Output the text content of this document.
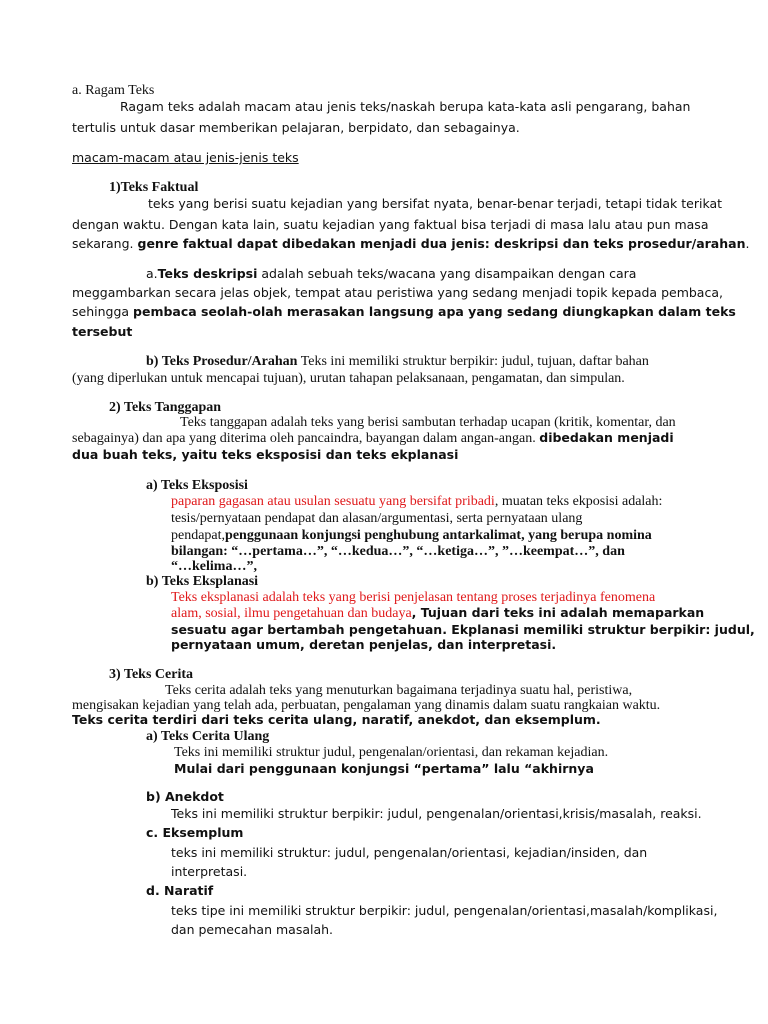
a. Ragam Teks
Ragam teks adalah macam atau jenis teks/naskah berupa kata-kata asli pengarang, bahan
tertulis untuk dasar memberikan pelajaran, berpidato, dan sebagainya.
macam-macam atau jenis-jenis teks
1)Teks Faktual
teks yang berisi suatu kejadian yang bersifat nyata, benar-benar terjadi, tetapi tidak terikat
dengan waktu. Dengan kata lain, suatu kejadian yang faktual bisa terjadi di masa lalu atau pun masa
sekarang. genre faktual dapat dibedakan menjadi dua jenis: deskripsi dan teks prosedur/arahan.
a.Teks deskripsi adalah sebuah teks/wacana yang disampaikan dengan cara
meggambarkan secara jelas objek, tempat atau peristiwa yang sedang menjadi topik kepada pembaca,
sehingga pembaca seolah-olah merasakan langsung apa yang sedang diungkapkan dalam teks
tersebut
b) Teks Prosedur/Arahan Teks ini memiliki struktur berpikir: judul, tujuan, daftar bahan
(yang diperlukan untuk mencapai tujuan), urutan tahapan pelaksanaan, pengamatan, dan simpulan.
2) Teks Tanggapan
Teks tanggapan adalah teks yang berisi sambutan terhadap ucapan (kritik, komentar, dan
sebagainya) dan apa yang diterima oleh pancaindra, bayangan dalam angan-angan. dibedakan menjadi
dua buah teks, yaitu teks eksposisi dan teks ekplanasi
a) Teks Eksposisi
paparan gagasan atau usulan sesuatu yang bersifat pribadi, muatan teks ekposisi adalah:
tesis/pernyataan pendapat dan alasan/argumentasi, serta pernyataan ulang
pendapat,penggunaan konjungsi penghubung antarkalimat, yang berupa nomina
bilangan: “…pertama…”, “…kedua…”, “…ketiga…”, ”…keempat…”, dan
“…kelima…”,
b) Teks Eksplanasi
Teks eksplanasi adalah teks yang berisi penjelasan tentang proses terjadinya fenomena
alam, sosial, ilmu pengetahuan dan budaya, Tujuan dari teks ini adalah memaparkan
sesuatu agar bertambah pengetahuan. Ekplanasi memiliki struktur berpikir: judul,
pernyataan umum, deretan penjelas, dan interpretasi.
3) Teks Cerita
Teks cerita adalah teks yang menuturkan bagaimana terjadinya suatu hal, peristiwa,
mengisakan kejadian yang telah ada, perbuatan, pengalaman yang dinamis dalam suatu rangkaian waktu.
Teks cerita terdiri dari teks cerita ulang, naratif, anekdot, dan eksemplum.
a) Teks Cerita Ulang
Teks ini memiliki struktur judul, pengenalan/orientasi, dan rekaman kejadian.
Mulai dari penggunaan konjungsi “pertama” lalu “akhirnya
b) Anekdot
Teks ini memiliki struktur berpikir: judul, pengenalan/orientasi,krisis/masalah, reaksi.
c. Eksemplum
teks ini memiliki struktur: judul, pengenalan/orientasi, kejadian/insiden, dan
interpretasi.
d. Naratif
teks tipe ini memiliki struktur berpikir: judul, pengenalan/orientasi,masalah/komplikasi,
dan pemecahan masalah.
